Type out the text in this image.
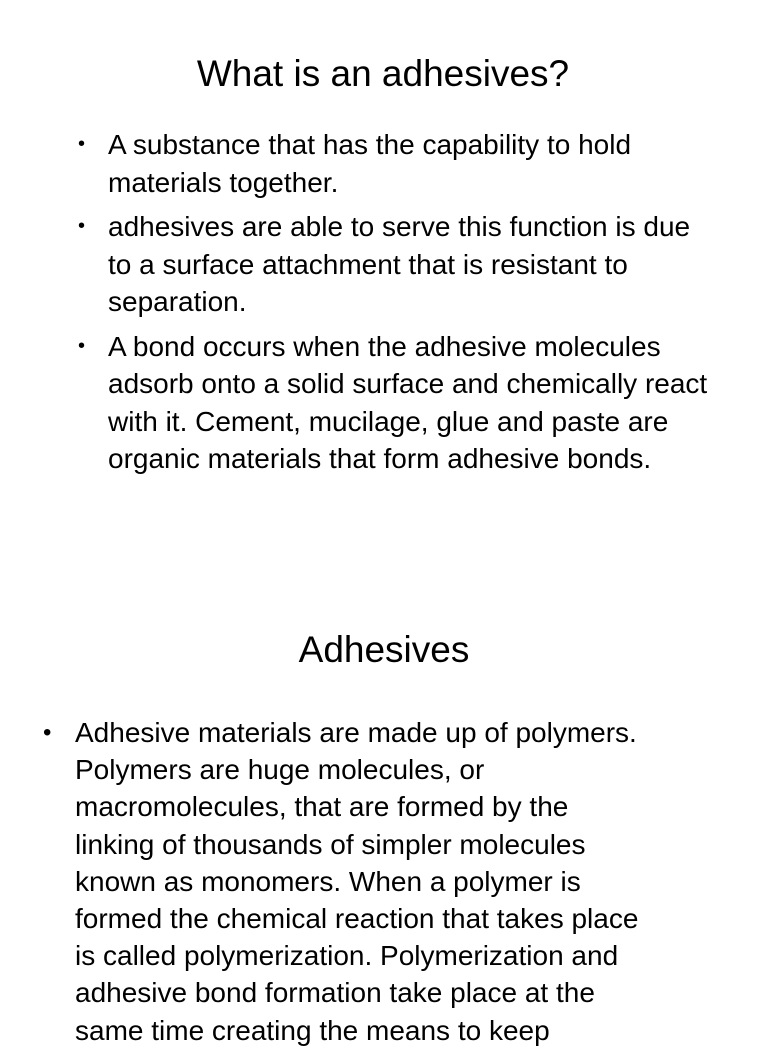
What is an adhesives?
• A substance that has the capability to hold
materials together.
• adhesives are able to serve this function is due
to a surface attachment that is resistant to
separation.
• A bond occurs when the adhesive molecules
adsorb onto a solid surface and chemically react
with it. Cement, mucilage, glue and paste are
organic materials that form adhesive bonds.
Adhesives
• Adhesive materials are made up of polymers.
Polymers are huge molecules, or
macromolecules, that are formed by the
linking of thousands of simpler molecules
known as monomers. When a polymer is
formed the chemical reaction that takes place
is called polymerization. Polymerization and
adhesive bond formation take place at the
same time creating the means to keep
